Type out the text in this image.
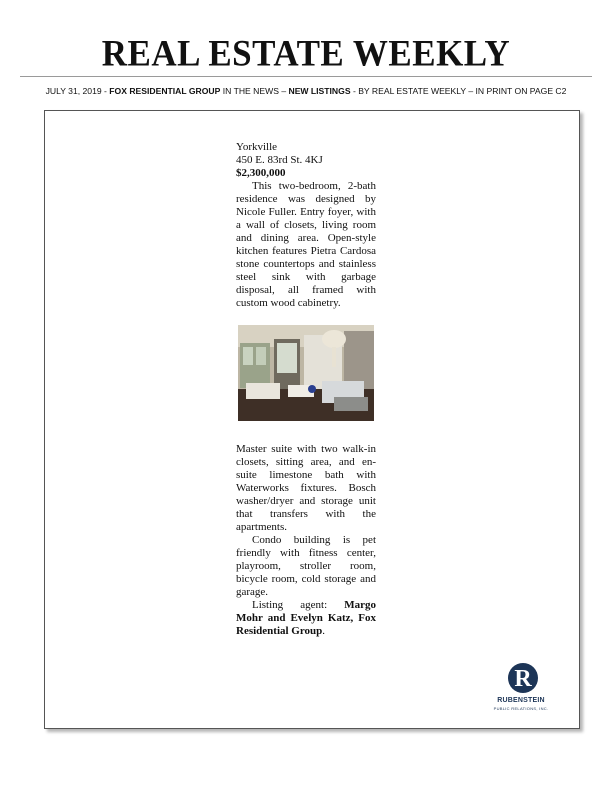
REAL ESTATE WEEKLY
JULY 31, 2019 - FOX RESIDENTIAL GROUP IN THE NEWS – NEW LISTINGS - BY REAL ESTATE WEEKLY – IN PRINT ON PAGE C2

Yorkville

450 E. 83rd St. 4KJ

$2,300,000

This two-bedroom, 2-bath residence was designed by Nicole Fuller. Entry foyer, with a wall of closets, living room and dining area. Open-style kitchen features Pietra Cardosa stone countertops and stainless steel sink with garbage disposal, all framed with custom wood cabinetry.

Master suite with two walk-in closets, sitting area, and en-suite limestone bath with Waterworks fixtures. Bosch washer/dryer and storage unit that transfers with the apartments.

Condo building is pet friendly with fitness center, playroom, stroller room, bicycle room, cold storage and garage.

Listing agent: Margo Mohr and Evelyn Katz, Fox Residential Group.

R
RUBENSTEIN
PUBLIC RELATIONS, INC.
